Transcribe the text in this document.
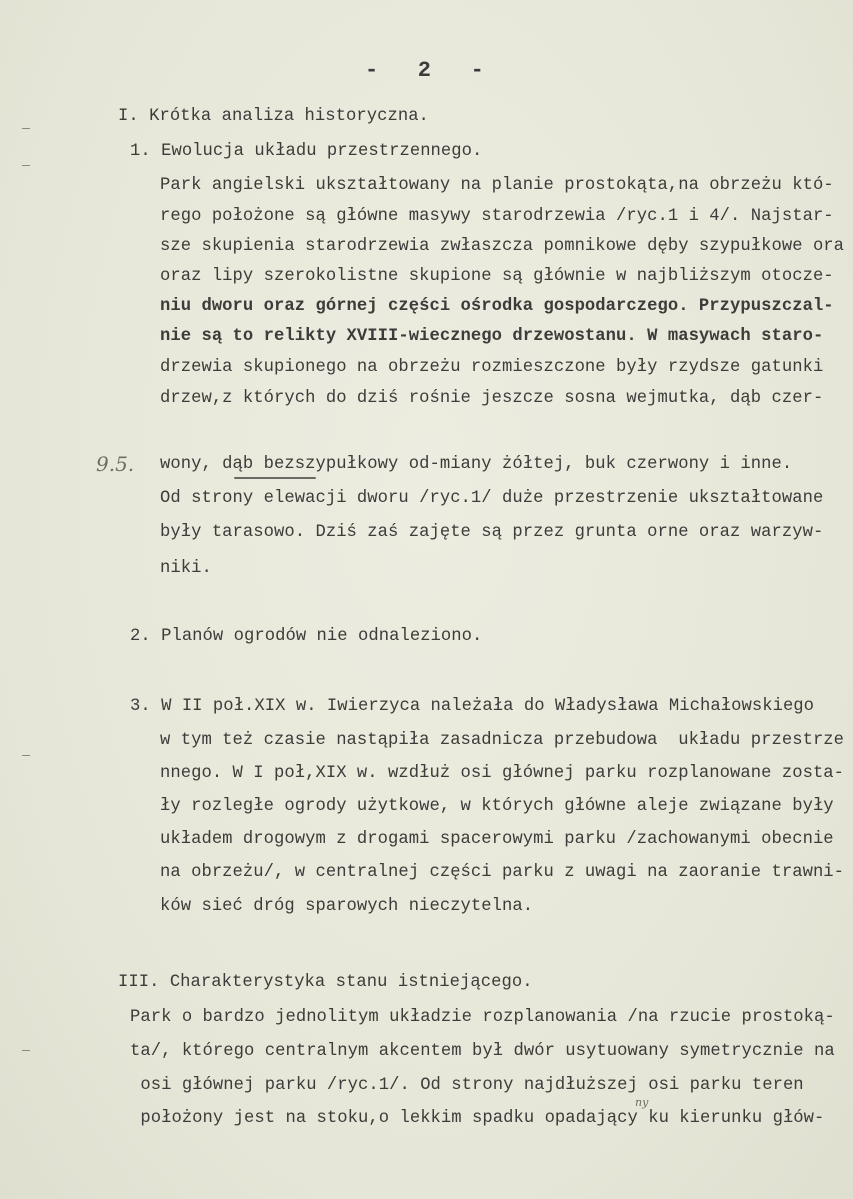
-   2   -
I. Krótka analiza historyczna.
1. Ewolucja układu przestrzennego.
Park angielski ukształtowany na planie prostokąta,na obrzeżu któ-
rego położone są główne masywy starodrzewia /ryc.1 i 4/. Najstar-
sze skupienia starodrzewia zwłaszcza pomnikowe dęby szypułkowe ora
oraz lipy szerokolistne skupione są głównie w najbliższym otocze-
niu dworu oraz górnej części ośrodka gospodarczego. Przypuszczal-
nie są to relikty XVIII-wiecznego drzewostanu. W masywach staro-
drzewia skupionego na obrzeżu rozmieszczone były rzydsze gatunki
drzew,z których do dziś rośnie jeszcze sosna wejmutka, dąb czer-
wony, dąb bezszypułkowy od-miany żółtej, buk czerwony i inne.
Od strony elewacji dworu /ryc.1/ duże przestrzenie ukształtowane
były tarasowo. Dziś zaś zajęte są przez grunta orne oraz warzyw-
niki.
9.5.
2. Planów ogrodów nie odnaleziono.
3. W II poł.XIX w. Iwierzyca należała do Władysława Michałowskiego
w tym też czasie nastąpiła zasadnicza przebudowa  układu przestrze
nnego. W I poł,XIX w. wzdłuż osi głównej parku rozplanowane zosta-
ły rozległe ogrody użytkowe, w których główne aleje związane były
układem drogowym z drogami spacerowymi parku /zachowanymi obecnie
na obrzeżu/, w centralnej części parku z uwagi na zaoranie trawni-
ków sieć dróg sparowych nieczytelna.
III. Charakterystyka stanu istniejącego.
Park o bardzo jednolitym układzie rozplanowania /na rzucie prostoką-
ta/, którego centralnym akcentem był dwór usytuowany symetrycznie na
osi głównej parku /ryc.1/. Od strony najdłuższej osi parku teren
położony jest na stoku,o lekkim spadku opadający ku kierunku głów-
ny
